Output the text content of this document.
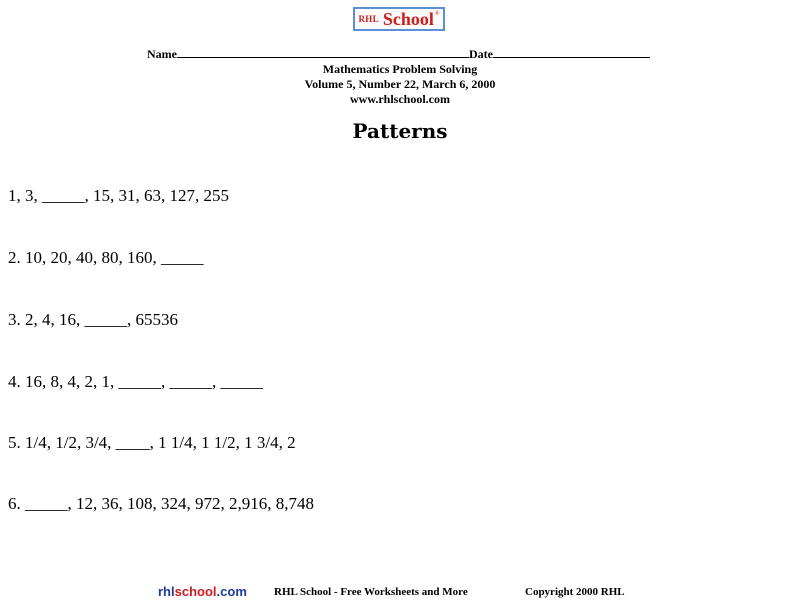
RHL School ®
Name	Date
Mathematics Problem Solving
Volume 5, Number 22, March 6, 2000
www.rhlschool.com
Patterns
1, 3, _____, 15, 31, 63, 127, 255
2. 10, 20, 40, 80, 160, _____
3. 2, 4, 16, _____, 65536
4. 16, 8, 4, 2, 1, _____, _____, _____
5. 1/4, 1/2, 3/4, ____, 1 1/4, 1 1/2, 1 3/4, 2
6. _____, 12, 36, 108, 324, 972, 2,916, 8,748
rhlschool.com RHL School - Free Worksheets and More	Copyright 2000 RHL
